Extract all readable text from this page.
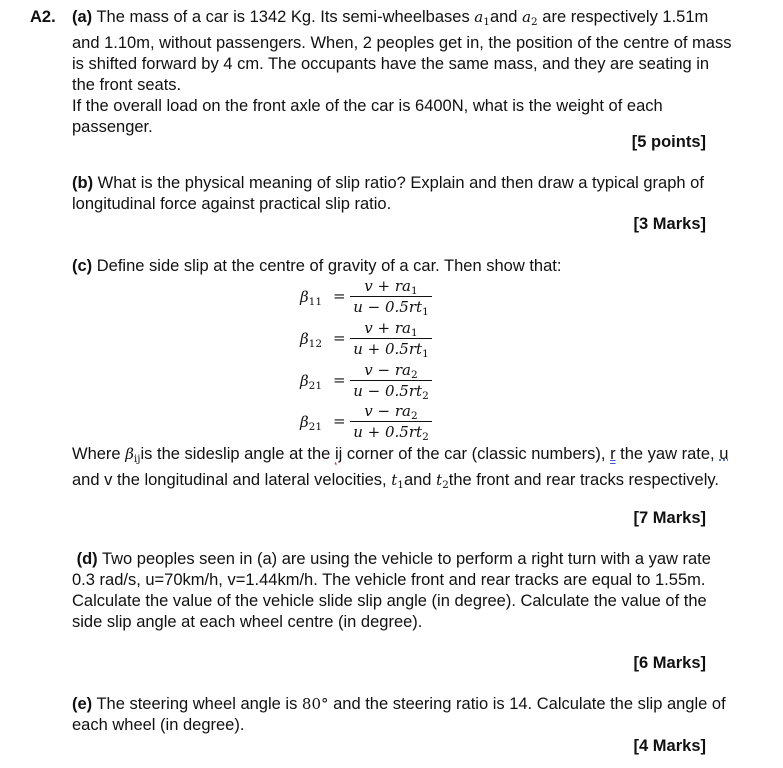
A2. (a) The mass of a car is 1342 Kg. Its semi-wheelbases $a_1and$ $a_2$ are respectively 1.51m and 1.10m, without passengers. When, 2 peoples get in, the position of the centre of mass is shifted forward by 4 cm. The occupants have the same mass, and they are seating in the front seats.

If the overall load on the front axle of the car is 6400N, what is the weight of each passenger.

[5 points]

(b) What is the physical meaning of slip ratio? Explain and then draw a typical graph of longitudinal force against practical slip ratio.

[3 Marks]

(c) Define side slip at the centre of gravity of a car. Then show that:

$\beta_{11}$ =
$v + ra_1$
$u - 0.5rt_1$
$\beta_{12}$ =
$v + ra_1$
$u + 0.5rt_1$
$\beta_{21}$ =
$v - ra_2$
$u - 0.5rt_2$
$\beta_{21}$ =
$v - ra_2$
$u + 0.5rt_2$

Where $\beta_{ij}is$ the sideslip angle at the ij corner of the car (classic numbers), r the yaw rate, u and v the longitudinal and lateral velocities, $t_1and$ $t_2the$ front and rear tracks respectively.

[7 Marks]

(d) Two peoples seen in (a) are using the vehicle to perform a right turn with a yaw rate 0.3 rad/s, u=70km/h, v=1.44km/h. The vehicle front and rear tracks are equal to 1.55m.

Calculate the value of the vehicle slide slip angle (in degree). Calculate the value of the side slip angle at each wheel centre (in degree).

[6 Marks]

(e) The steering wheel angle is 80° and the steering ratio is 14. Calculate the slip angle of each wheel (in degree).

[4 Marks]
